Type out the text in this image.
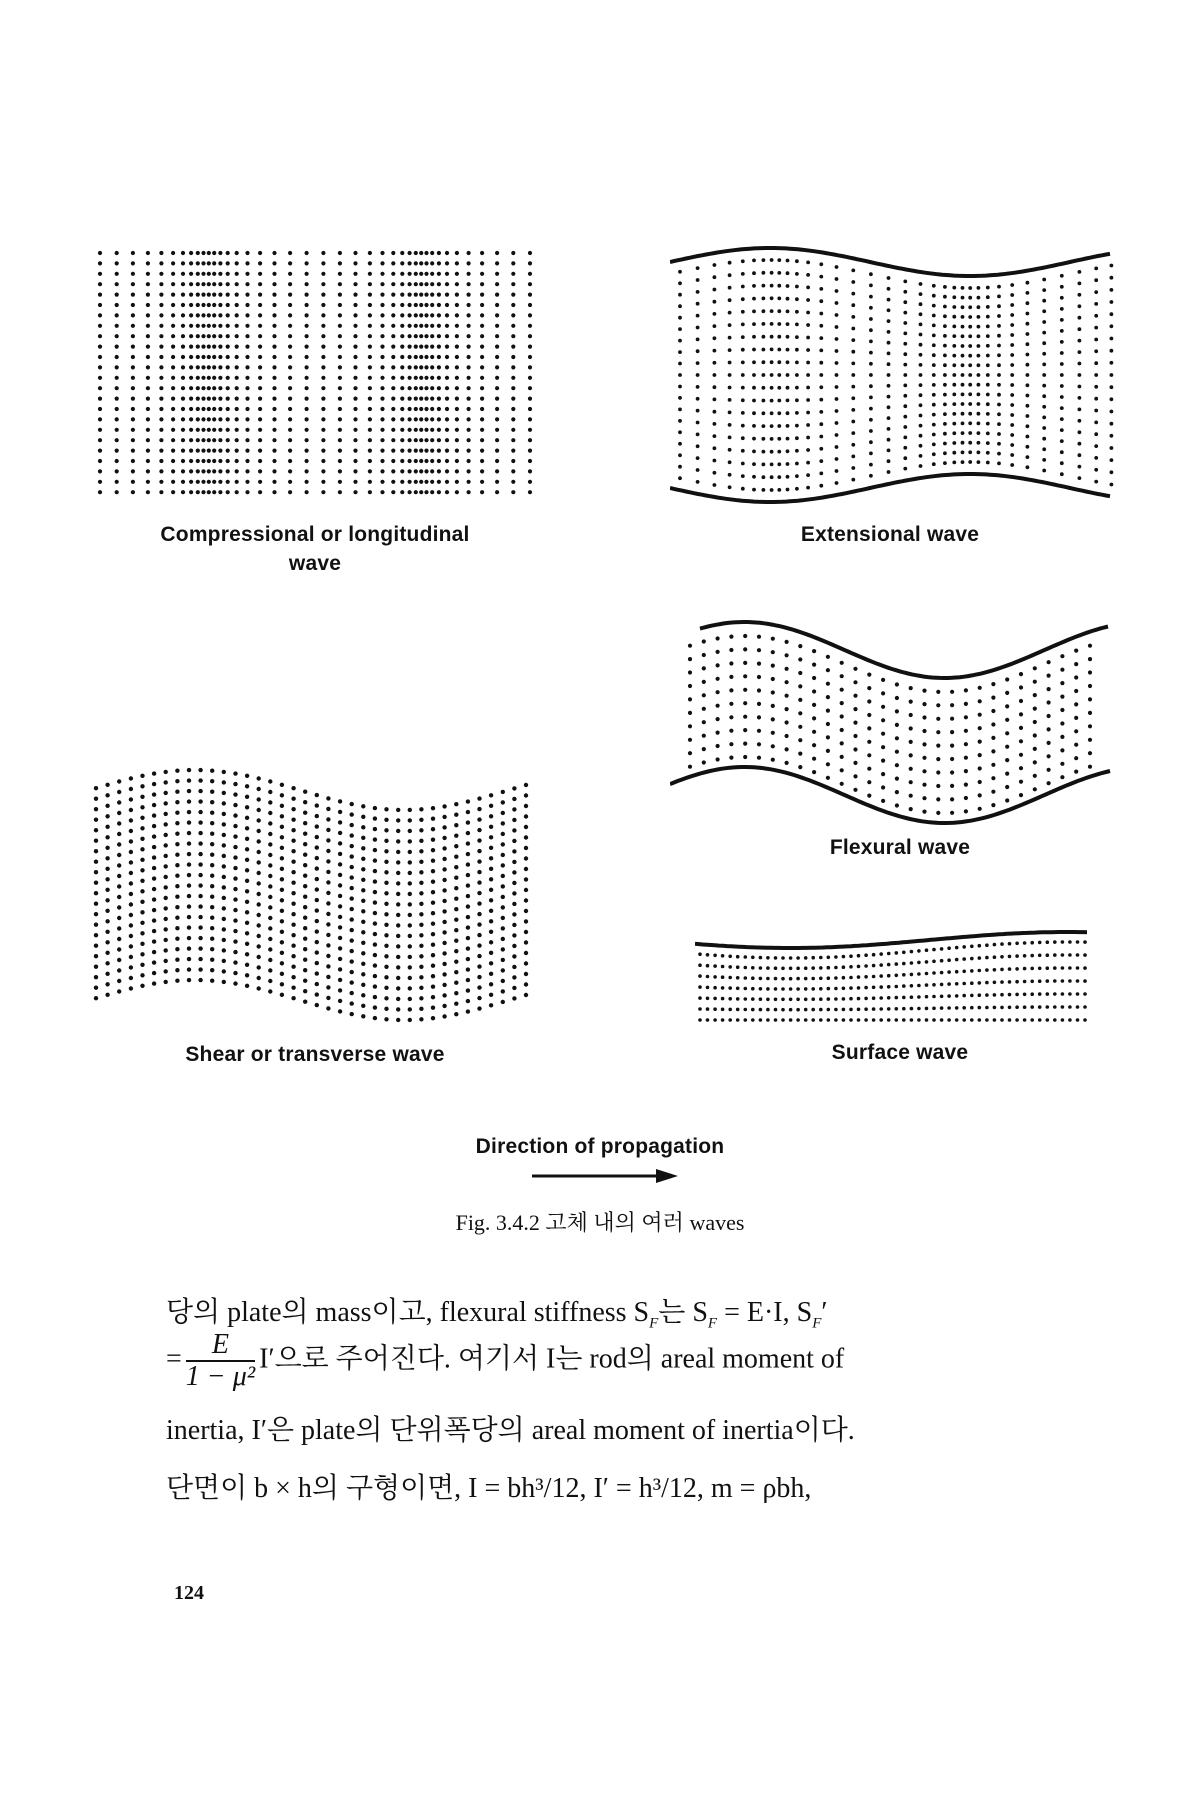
Compressional or longitudinal
wave
Extensional wave
Flexural wave
Shear or transverse wave	Surface wave
Direction of propagation
Fig. 3.4.2 고체 내의 여러 waves
당의 plate의 mass이고, flexural stiffness $S_F$는 $S_F = E\cdot I$, $S_F'$
= $\frac{E}{\text{1 − μ²}} I'$으로 주어진다. 여기서 I는 rod의 areal moment of
inertia, I′은 plate의 단위폭당의 areal moment of inertia이다.
단면이 b × h의 구형이면, I = bh³/12, I′ = h³/12, m = ρbh,
124
